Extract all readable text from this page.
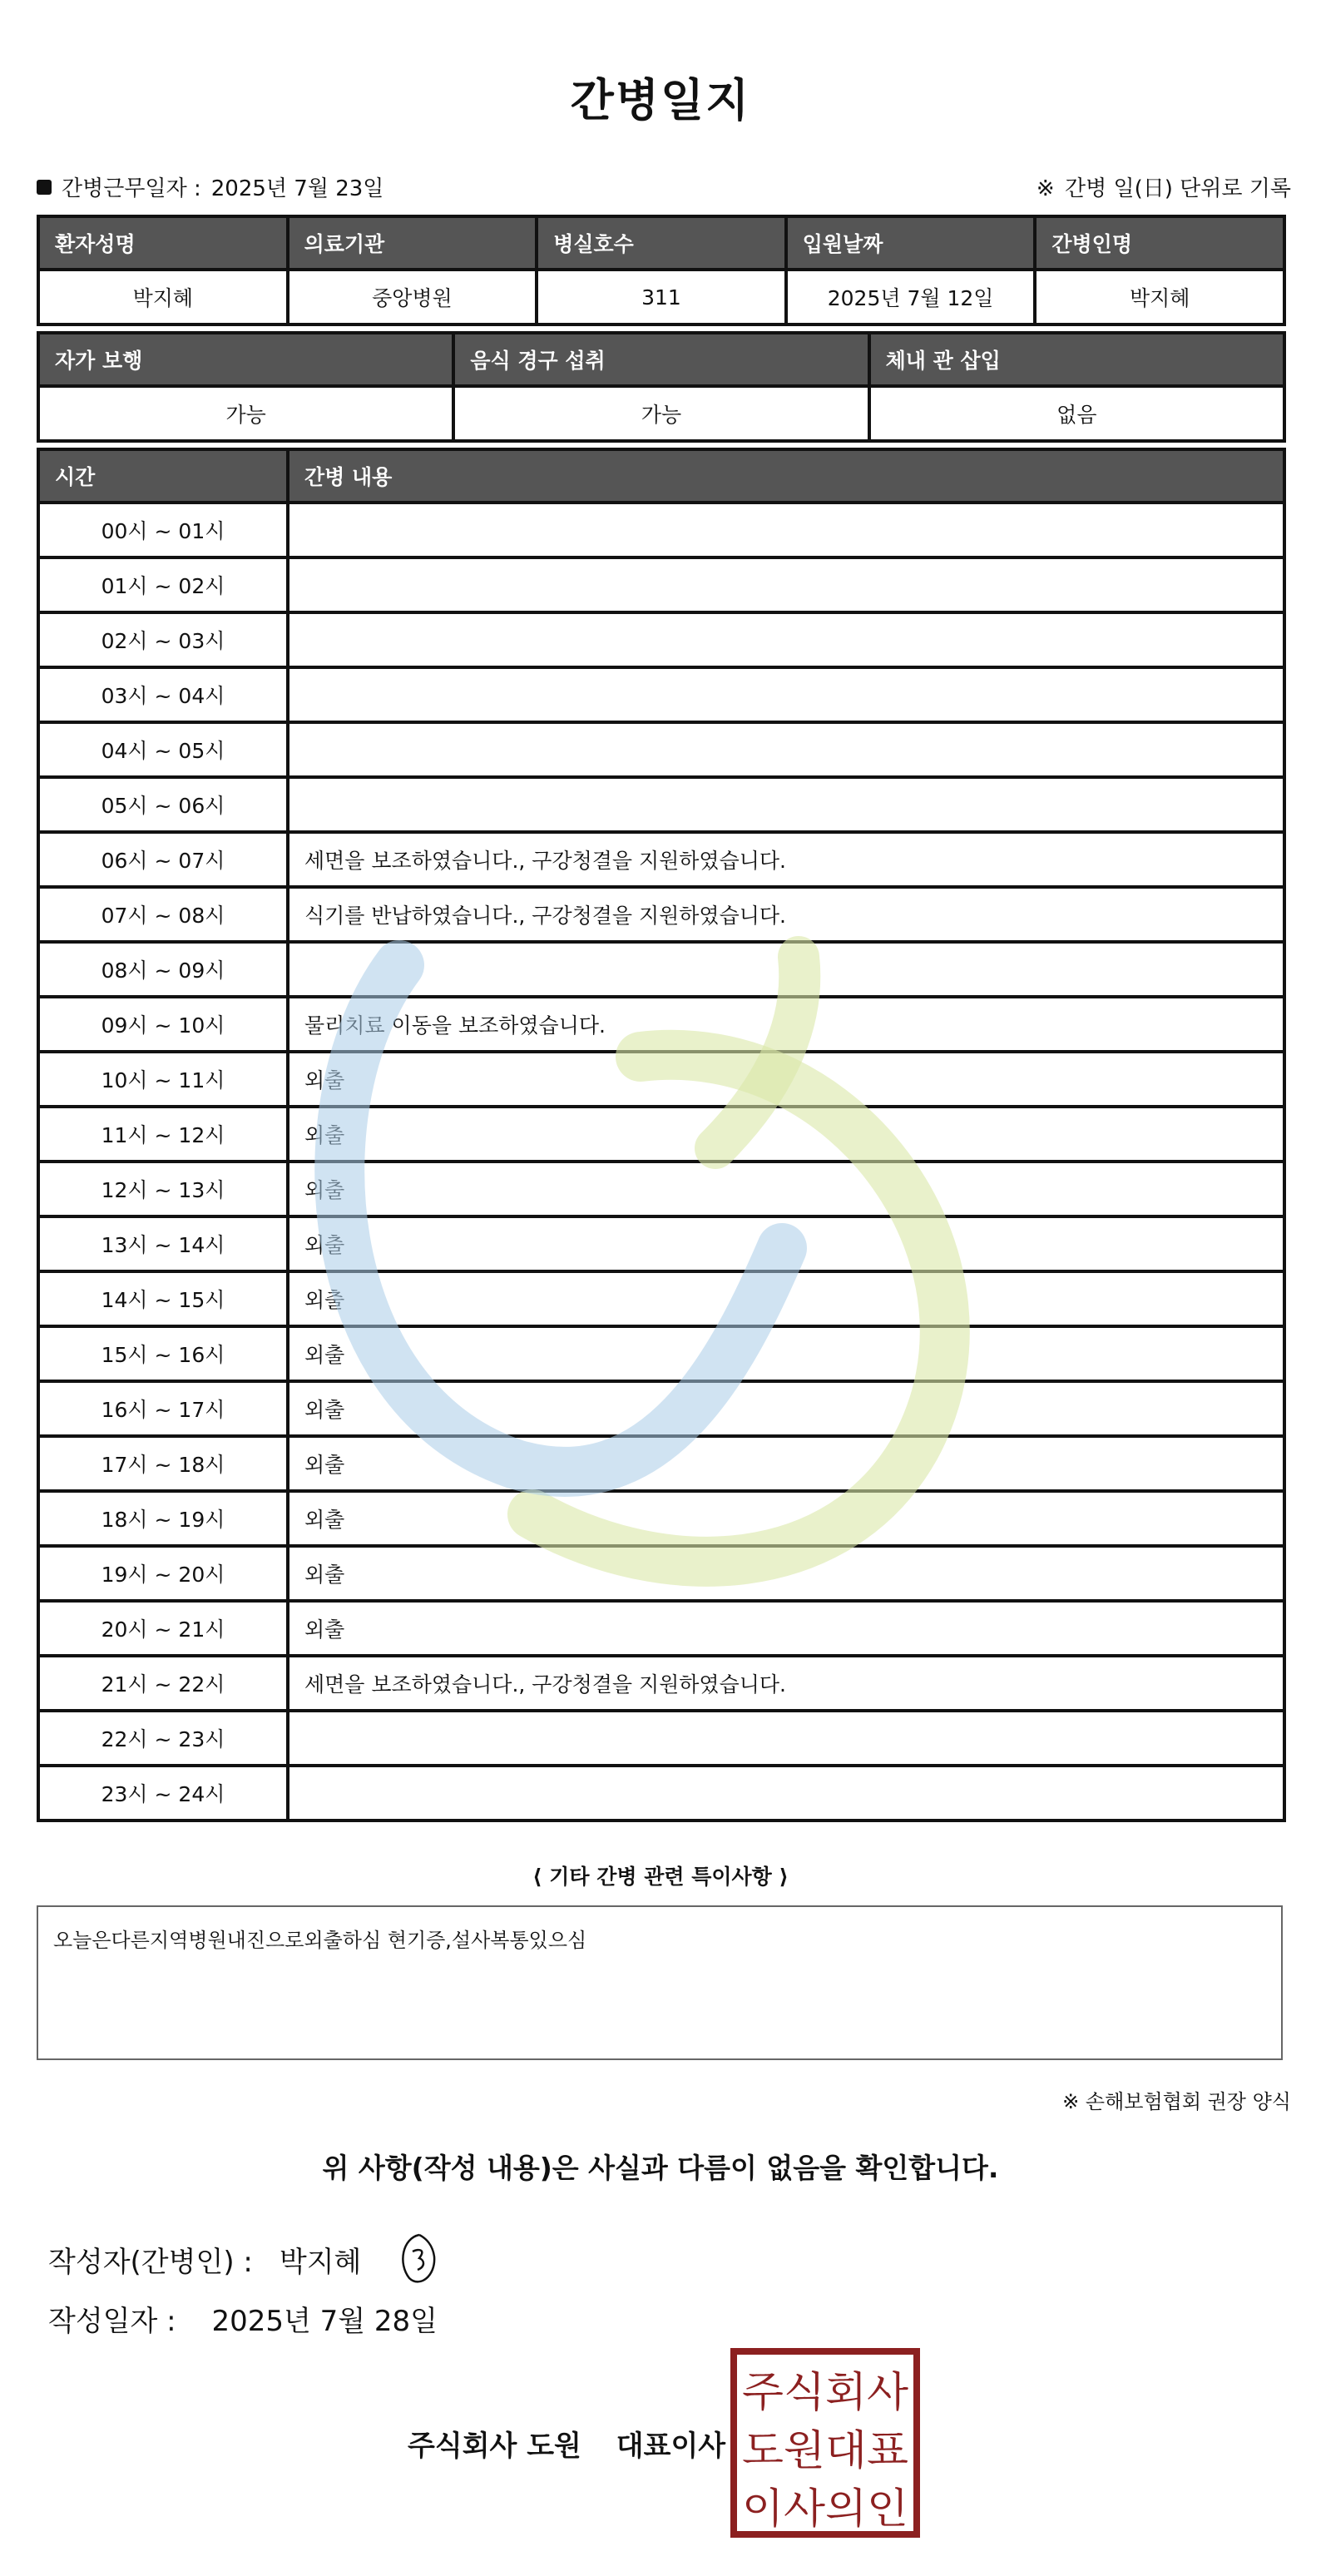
간병일지
간병근무일자 : 2025년 7월 23일	※ 간병 일(日) 단위로 기록
환자성명	의료기관	병실호수	입원날짜	간병인명
박지혜	중앙병원	311	2025년 7월 12일	박지혜
자가 보행	음식 경구 섭취	체내 관 삽입
가능	가능	없음
시간	간병 내용
00시 ~ 01시	
01시 ~ 02시	
02시 ~ 03시	
03시 ~ 04시	
04시 ~ 05시	
05시 ~ 06시	
06시 ~ 07시	세면을 보조하였습니다., 구강청결을 지원하였습니다.
07시 ~ 08시	식기를 반납하였습니다., 구강청결을 지원하였습니다.
08시 ~ 09시	
09시 ~ 10시	물리치료 이동을 보조하였습니다.
10시 ~ 11시	외출
11시 ~ 12시	외출
12시 ~ 13시	외출
13시 ~ 14시	외출
14시 ~ 15시	외출
15시 ~ 16시	외출
16시 ~ 17시	외출
17시 ~ 18시	외출
18시 ~ 19시	외출
19시 ~ 20시	외출
20시 ~ 21시	외출
21시 ~ 22시	세면을 보조하였습니다., 구강청결을 지원하였습니다.
22시 ~ 23시	
23시 ~ 24시	
⟨ 기타 간병 관련 특이사항 ⟩
오늘은다른지역병원내진으로외출하심 현기증,설사복통있으심
※ 손해보험협회 권장 양식
위 사항(작성 내용)은 사실과 다름이 없음을 확인합니다.
작성자(간병인) : 박지혜
작성일자 : 2025년 7월 28일
주식회사 도원 대표이사
주식회사
도원대표
이사의인
